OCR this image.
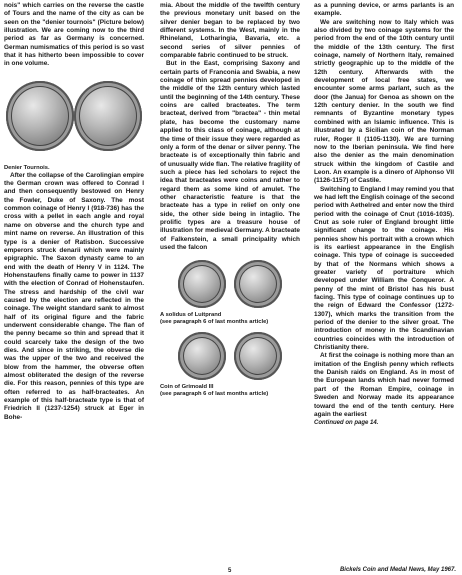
nois" which carries on the reverse the castle of Tours and the name of the city as can be seen on the "denier tournois" (Picture below) illustration. We are coming now to the third period as far as Germany is concerned. German numismatics of this period is so vast that it has hitherto been impossible to cover in one volume.

Denier Tournois.

After the collapse of the Carolingian empire the German crown was offered to Conrad I and then consequently bestowed on Henry the Fowler, Duke of Saxony. The most common coinage of Henry I (918-736) has the cross with a pellet in each angle and royal name on obverse and the church type and mint name on reverse. An illustration of this type is a denier of Ratisbon. Successive emperors struck denarii which were mainly epigraphic. The Saxon dynasty came to an end with the death of Henry V in 1124. The Hohenstaufens finally came to power in 1137 with the election of Conrad of Hohenstaufen. The stress and hardship of the civil war caused by the election are reflected in the coinage. The weight standard sank to almost half of its original figure and the fabric underwent considerable change. The flan of the penny became so thin and spread that it could scarcely take the design of the two dies. And since in striking, the obverse die was the upper of the two and received the blow from the hammer, the obverse often almost obliterated the design of the reverse die. For this reason, pennies of this type are often referred to as half-bracteates. An example of this half-bracteate type is that of Friedrich II (1237-1254) struck at Eger in Bohe-

mia. About the middle of the twelfth century the previous monetary unit based on the silver denier began to be replaced by two different systems. In the West, mainly in the Rhineland, Lotharingia, Bavaria, etc. a second series of silver pennies of comparable fabric continued to be struck.

But in the East, comprising Saxony and certain parts of Franconia and Swabia, a new coinage of thin spread pennies developed in the middle of the 12th century which lasted until the beginning of the 14th century. These coins are called bracteates. The term bracteat, derived from "bractea" - thin metal plate, has become the customary name applied to this class of coinage, although at the time of their issue they were regarded as only a form of the denar or silver penny. The bracteate is of exceptionally thin fabric and of unusually wide flan. The relative fragility of such a piece has led scholars to reject the idea that bracteates were coins and rather to regard them as some kind of amulet. The other characteristic feature is that the bracteate has a type in relief on only one side, the other side being in intaglio. The prolific types are a treasure house of illustration for medieval Germany. A bracteate of Falkenstein, a small principality which used the falcon

A solidus of Luitprand
(see paragraph 6 of last months article)

Coin of Grimoald III
(see paragraph 6 of last months article)

as a punning device, or arms parlants is an example.

We are switching now to Italy which was also divided by two coinage systems for the period from the end of the 10th century until the middle of the 13th century. The first coinage, namely of Northern Italy, remained strictly geographic up to the middle of the 12th century. Afterwards with the development of local free states, we encounter some arms parlant, such as the door (the Janua) for Genoa as shown on the 12th century denier. In the south we find remnants of Byzantine monetary types combined with an Islamic influence. This is illustrated by a Sicilian coin of the Norman ruler, Roger II (1105-1130). We are turning now to the Iberian peninsula. We find here also the denier as the main denomination struck within the kingdom of Castile and Leon. An example is a dinero of Alphonso VII (1126-1157) of Castile.

Switching to England I may remind you that we had left the English coinage of the second period with Aethelred and enter now the third period with the coinage of Cnut (1016-1035). Cnut as sole ruler of England brought little significant change to the coinage. His pennies show his portrait with a crown which is its earliest appearance in the English coinage. This type of coinage is succeeded by that of the Normans which shows a greater variety of portraiture which developed under William the Conqueror. A penny of the mint of Bristol has his bust facing. This type of coinage continues up to the reign of Edward the Confessor (1272-1307), which marks the transition from the period of the denier to the silver groat. The introduction of money in the Scandinavian countries coincides with the introduction of Christianity there.

At first the coinage is nothing more than an imitation of the English penny which reflects the Danish raids on England. As in most of the European lands which had never formed part of the Roman Empire, coinage in Sweden and Norway made its appearance toward the end of the tenth century. Here again the earliest

Continued on page 14.

5	Bickels Coin and Medal News, May 1967.
